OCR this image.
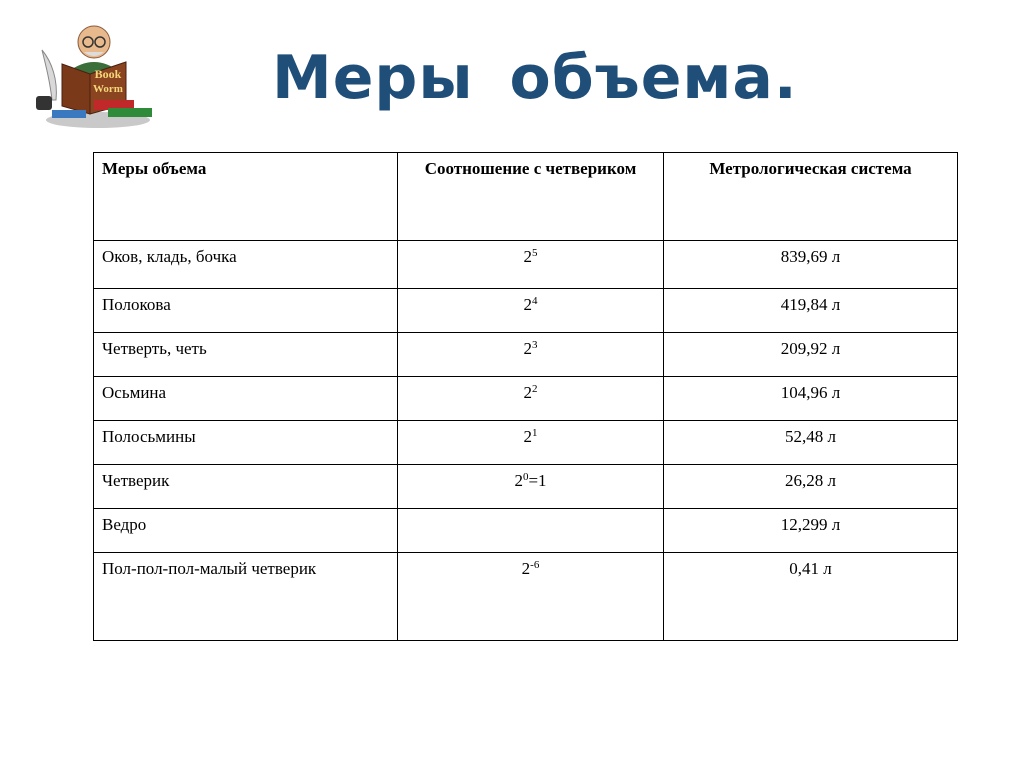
Book
Worm Меры объема.
Меры объема	Соотношение с четвериком	Метрологическая система
Оков, кладь, бочка	$2^5$	839,69 л
Полокова	$2^4$	419,84 л
Четверть, четь	$2^3$	209,92 л
Осьмина	$2^2$	104,96 л
Полосьмины	$2^1$	52,48 л
Четверик	$2^0=1$	26,28 л
Ведро		12,299 л
Пол-пол-пол-малый четверик	$2^{-6}$	0,41 л
